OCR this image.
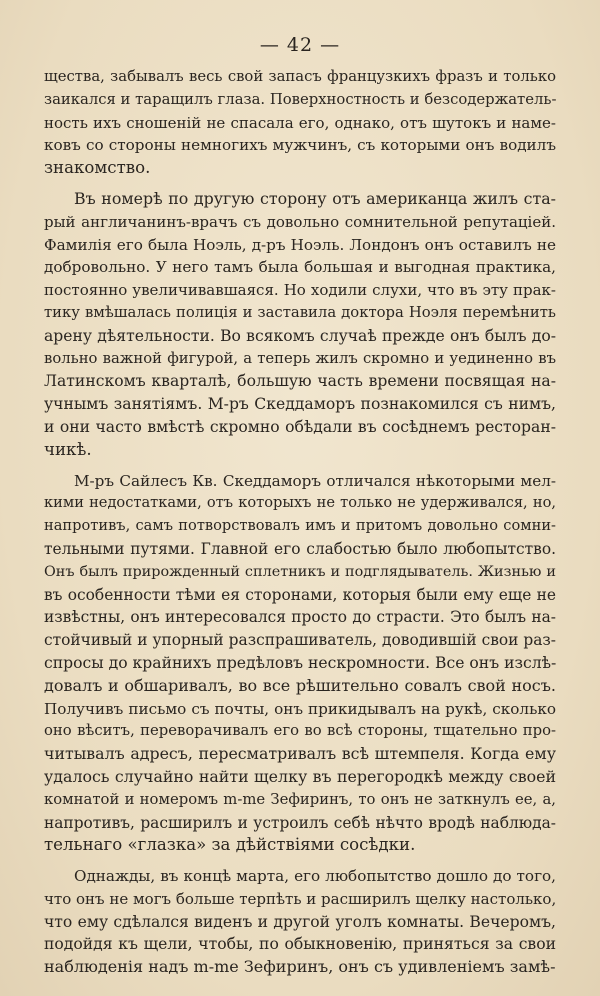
— 42 —
щества, забывалъ весь свой запасъ французкихъ фразъ и только
заикался и таращилъ глаза. Поверхностность и безсодержатель-
ность ихъ сношеній не спасала его, однако, отъ шутокъ и наме-
ковъ со стороны немногихъ мужчинъ, съ которыми онъ водилъ
знакомство.
Въ номерѣ по другую сторону отъ американца жилъ ста-
рый англичанинъ-врачъ съ довольно сомнительной репутаціей.
Фамилія его была Ноэль, д-ръ Ноэль. Лондонъ онъ оставилъ не
добровольно. У него тамъ была большая и выгодная практика,
постоянно увеличивавшаяся. Но ходили слухи, что въ эту прак-
тику вмѣшалась полиція и заставила доктора Ноэля перемѣнить
арену дѣятельности. Во всякомъ случаѣ прежде онъ былъ до-
вольно важной фигурой, а теперь жилъ скромно и уединенно въ
Латинскомъ кварталѣ, большую часть времени посвящая на-
учнымъ занятіямъ. М-ръ Скеддаморъ познакомился съ нимъ,
и они часто вмѣстѣ скромно обѣдали въ сосѣднемъ ресторан-
чикѣ.
М-ръ Сайлесъ Кв. Скеддаморъ отличался нѣкоторыми мел-
кими недостатками, отъ которыхъ не только не удерживался, но,
напротивъ, самъ потворствовалъ имъ и притомъ довольно сомни-
тельными путями. Главной его слабостью было любопытство.
Онъ былъ прирожденный сплетникъ и подглядыватель. Жизнью и
въ особенности тѣми ея сторонами, которыя были ему еще не
извѣстны, онъ интересовался просто до страсти. Это былъ на-
стойчивый и упорный разспрашиватель, доводившій свои раз-
спросы до крайнихъ предѣловъ нескромности. Все онъ изслѣ-
довалъ и обшаривалъ, во все рѣшительно совалъ свой носъ.
Получивъ письмо съ почты, онъ прикидывалъ на рукѣ, сколько
оно вѣситъ, переворачивалъ его во всѣ стороны, тщательно про-
читывалъ адресъ, пересматривалъ всѣ штемпеля. Когда ему
удалось случайно найти щелку въ перегородкѣ между своей
комнатой и номеромъ m-me Зефиринъ, то онъ не заткнулъ ее, а,
напротивъ, расширилъ и устроилъ себѣ нѣчто вродѣ наблюда-
тельнаго «глазка» за дѣйствіями сосѣдки.
Однажды, въ концѣ марта, его любопытство дошло до того,
что онъ не могъ больше терпѣть и расширилъ щелку настолько,
что ему сдѣлался виденъ и другой уголъ комнаты. Вечеромъ,
подойдя къ щели, чтобы, по обыкновенію, приняться за свои
наблюденія надъ m-me Зефиринъ, онъ съ удивленіемъ замѣ-
